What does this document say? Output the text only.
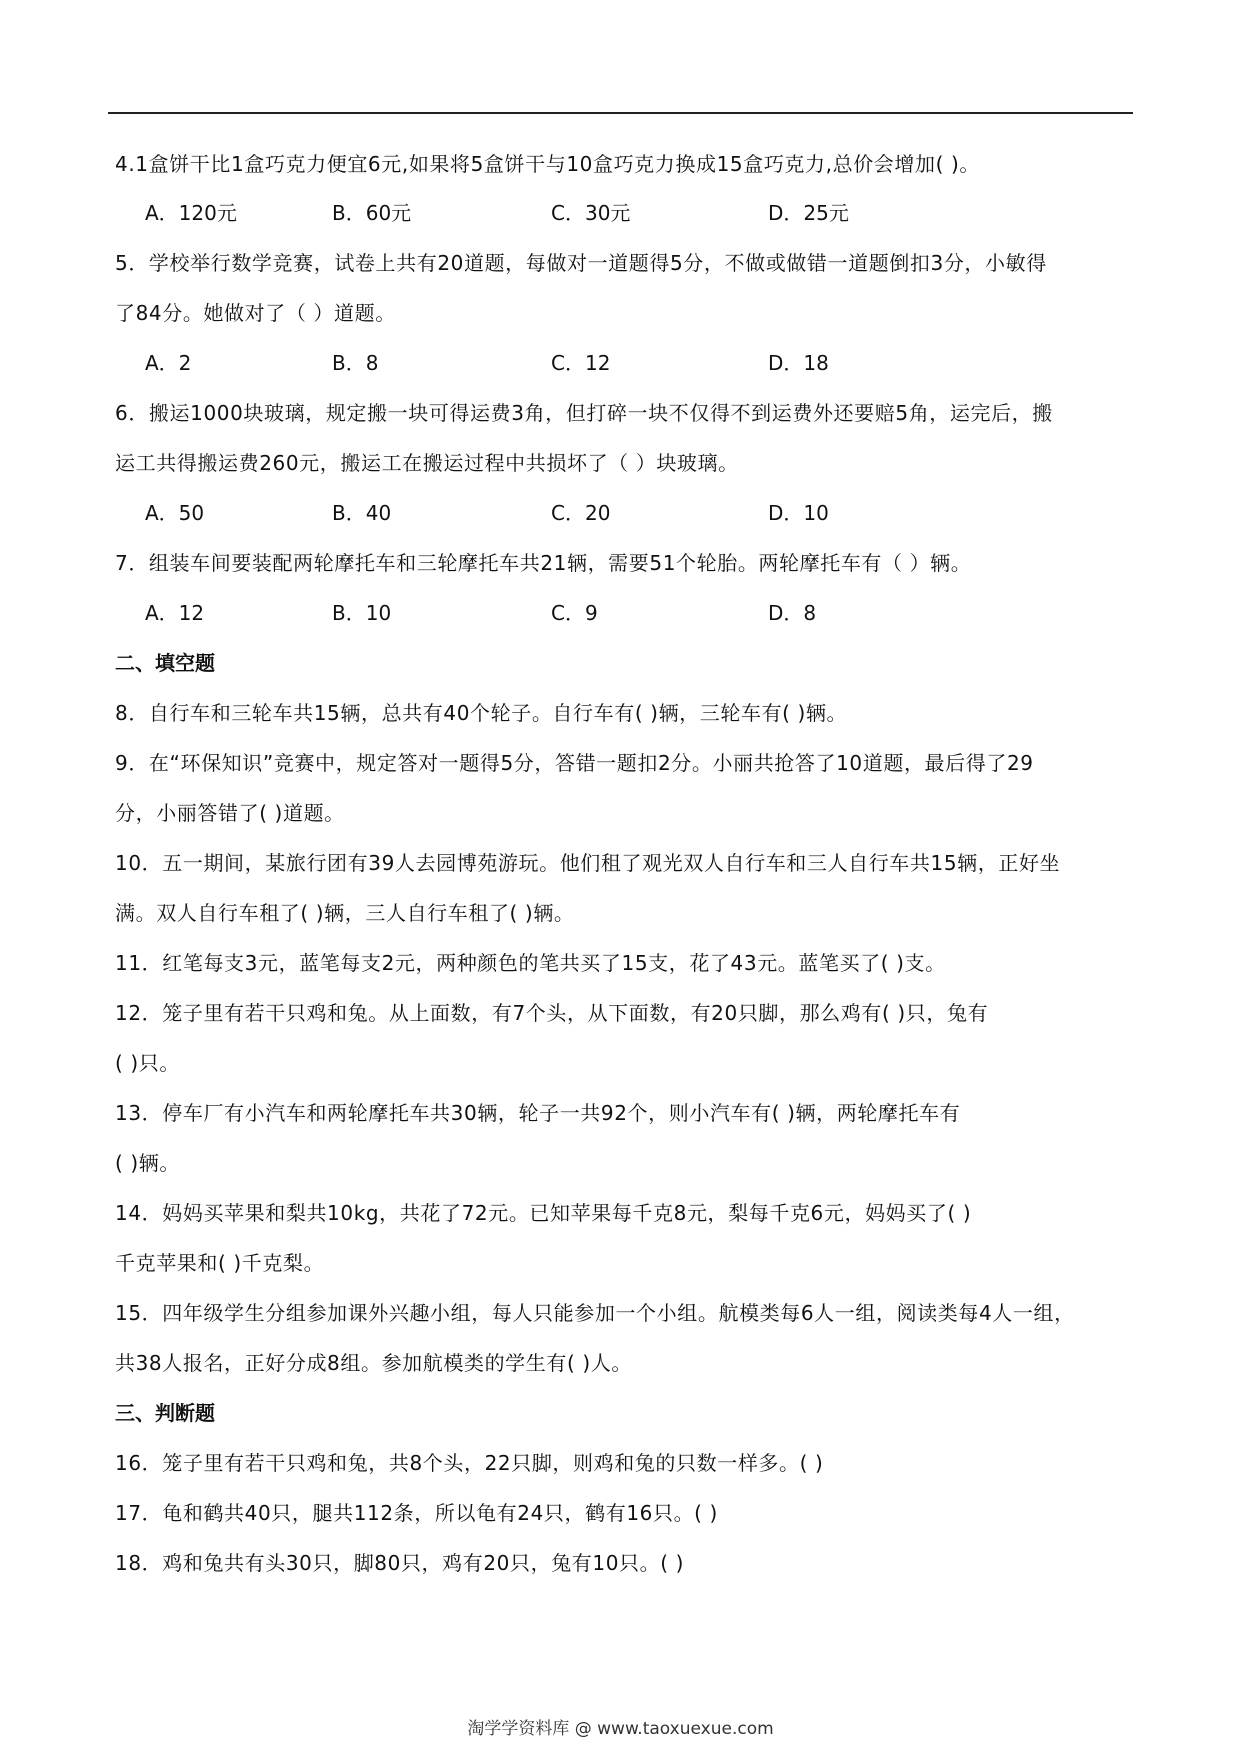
4.1盒饼干比1盒巧克力便宜6元,如果将5盒饼干与10盒巧克力换成15盒巧克力,总价会增加( )。
A．120元	B．60元	C．30元	D．25元
5．学校举行数学竞赛，试卷上共有20道题，每做对一道题得5分，不做或做错一道题倒扣3分，小敏得
了84分。她做对了（ ）道题。
A．2	B．8	C．12	D．18
6．搬运1000块玻璃，规定搬一块可得运费3角，但打碎一块不仅得不到运费外还要赔5角，运完后，搬
运工共得搬运费260元，搬运工在搬运过程中共损坏了（ ）块玻璃。
A．50	B．40	C．20	D．10
7．组装车间要装配两轮摩托车和三轮摩托车共21辆，需要51个轮胎。两轮摩托车有（ ）辆。
A．12	B．10	C．9	D．8
二、填空题
8．自行车和三轮车共15辆，总共有40个轮子。自行车有( )辆，三轮车有( )辆。
9．在“环保知识”竞赛中，规定答对一题得5分，答错一题扣2分。小丽共抢答了10道题，最后得了29
分，小丽答错了( )道题。
10．五一期间，某旅行团有39人去园博苑游玩。他们租了观光双人自行车和三人自行车共15辆，正好坐
满。双人自行车租了( )辆，三人自行车租了( )辆。
11．红笔每支3元，蓝笔每支2元，两种颜色的笔共买了15支，花了43元。蓝笔买了( )支。
12．笼子里有若干只鸡和兔。从上面数，有7个头，从下面数，有20只脚，那么鸡有( )只，兔有
( )只。
13．停车厂有小汽车和两轮摩托车共30辆，轮子一共92个，则小汽车有( )辆，两轮摩托车有
( )辆。
14．妈妈买苹果和梨共10kg，共花了72元。已知苹果每千克8元，梨每千克6元，妈妈买了( )
千克苹果和( )千克梨。
15．四年级学生分组参加课外兴趣小组，每人只能参加一个小组。航模类每6人一组，阅读类每4人一组，
共38人报名，正好分成8组。参加航模类的学生有( )人。
三、判断题
16．笼子里有若干只鸡和兔，共8个头，22只脚，则鸡和兔的只数一样多。( )
17．龟和鹤共40只，腿共112条，所以龟有24只，鹤有16只。( )
18．鸡和兔共有头30只，脚80只，鸡有20只，兔有10只。( )
淘学学资料库 @ www.taoxuexue.com
